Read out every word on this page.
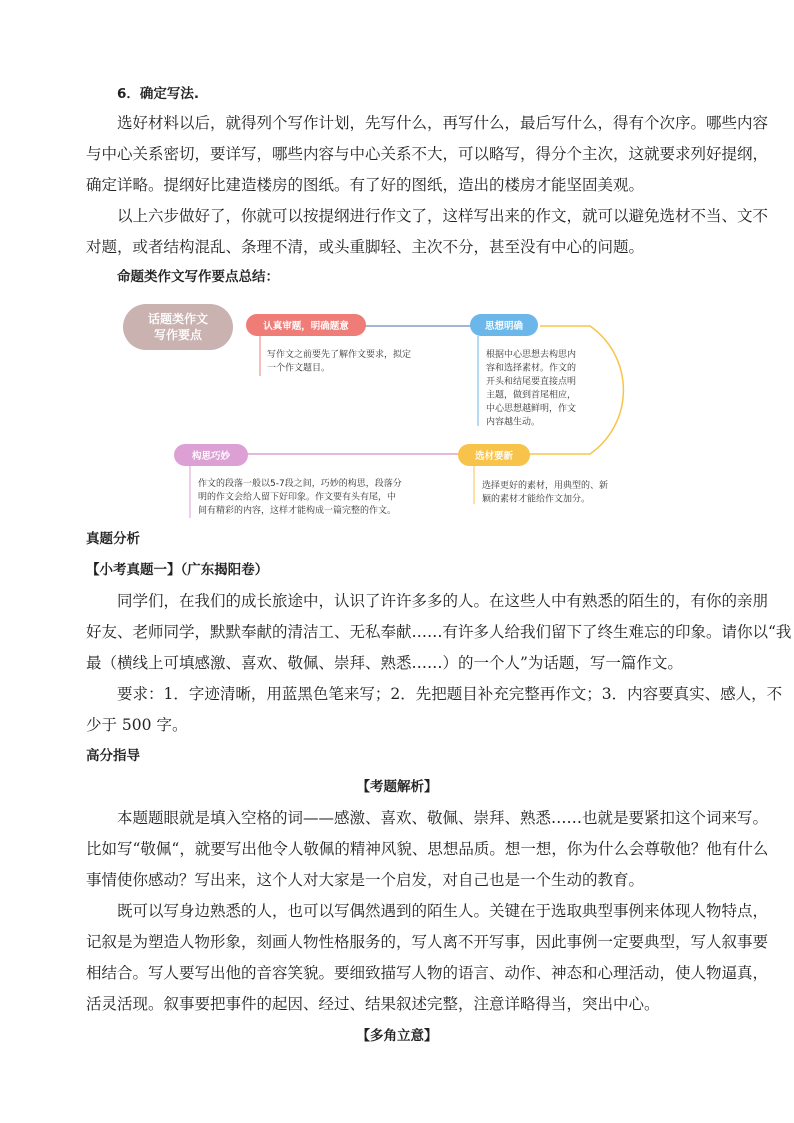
6．确定写法.

选好材料以后，就得列个写作计划，先写什么，再写什么，最后写什么，得有个次序。哪些内容

与中心关系密切，要详写，哪些内容与中心关系不大，可以略写，得分个主次，这就要求列好提纲，

确定详略。提纲好比建造楼房的图纸。有了好的图纸，造出的楼房才能坚固美观。

以上六步做好了，你就可以按提纲进行作文了，这样写出来的作文，就可以避免选材不当、文不

对题，或者结构混乱、条理不清，或头重脚轻、主次不分，甚至没有中心的问题。

命题类作文写作要点总结：

话题类作文
写作要点
认真审题，明确题意
写作文之前要先了解作文要求，拟定 一个作文题目。
思想明确
根据中心思想去构思内 容和选择素材。作文的 开头和结尾要直接点明 主题，做到首尾相应， 中心思想越鲜明，作文 内容越生动。
选材要新
选择更好的素材，用典型的、新 颖的素材才能给作文加分。
构思巧妙
作文的段落一般以5-7段之间，巧妙的构思，段落分 明的作文会给人留下好印象。作文要有头有尾，中 间有精彩的内容，这样才能构成一篇完整的作文。

真题分析

【小考真题一】（广东揭阳卷）

同学们，在我们的成长旅途中，认识了许许多多的人。在这些人中有熟悉的陌生的，有你的亲朋

好友、老师同学，默默奉献的清洁工、无私奉献……有许多人给我们留下了终生难忘的印象。请你以“我

最（横线上可填感激、喜欢、敬佩、崇拜、熟悉……）的一个人”为话题，写一篇作文。

要求：1．字迹清晰，用蓝黑色笔来写；2．先把题目补充完整再作文；3．内容要真实、感人，不

少于 500 字。

高分指导

【考题解析】

本题题眼就是填入空格的词——感激、喜欢、敬佩、崇拜、熟悉……也就是要紧扣这个词来写。

比如写“敬佩“，就要写出他令人敬佩的精神风貌、思想品质。想一想，你为什么会尊敬他？他有什么

事情使你感动？写出来，这个人对大家是一个启发，对自己也是一个生动的教育。

既可以写身边熟悉的人，也可以写偶然遇到的陌生人。关键在于选取典型事例来体现人物特点，

记叙是为塑造人物形象，刻画人物性格服务的，写人离不开写事，因此事例一定要典型，写人叙事要

相结合。写人要写出他的音容笑貌。要细致描写人物的语言、动作、神态和心理活动，使人物逼真，

活灵活现。叙事要把事件的起因、经过、结果叙述完整，注意详略得当，突出中心。

【多角立意】
